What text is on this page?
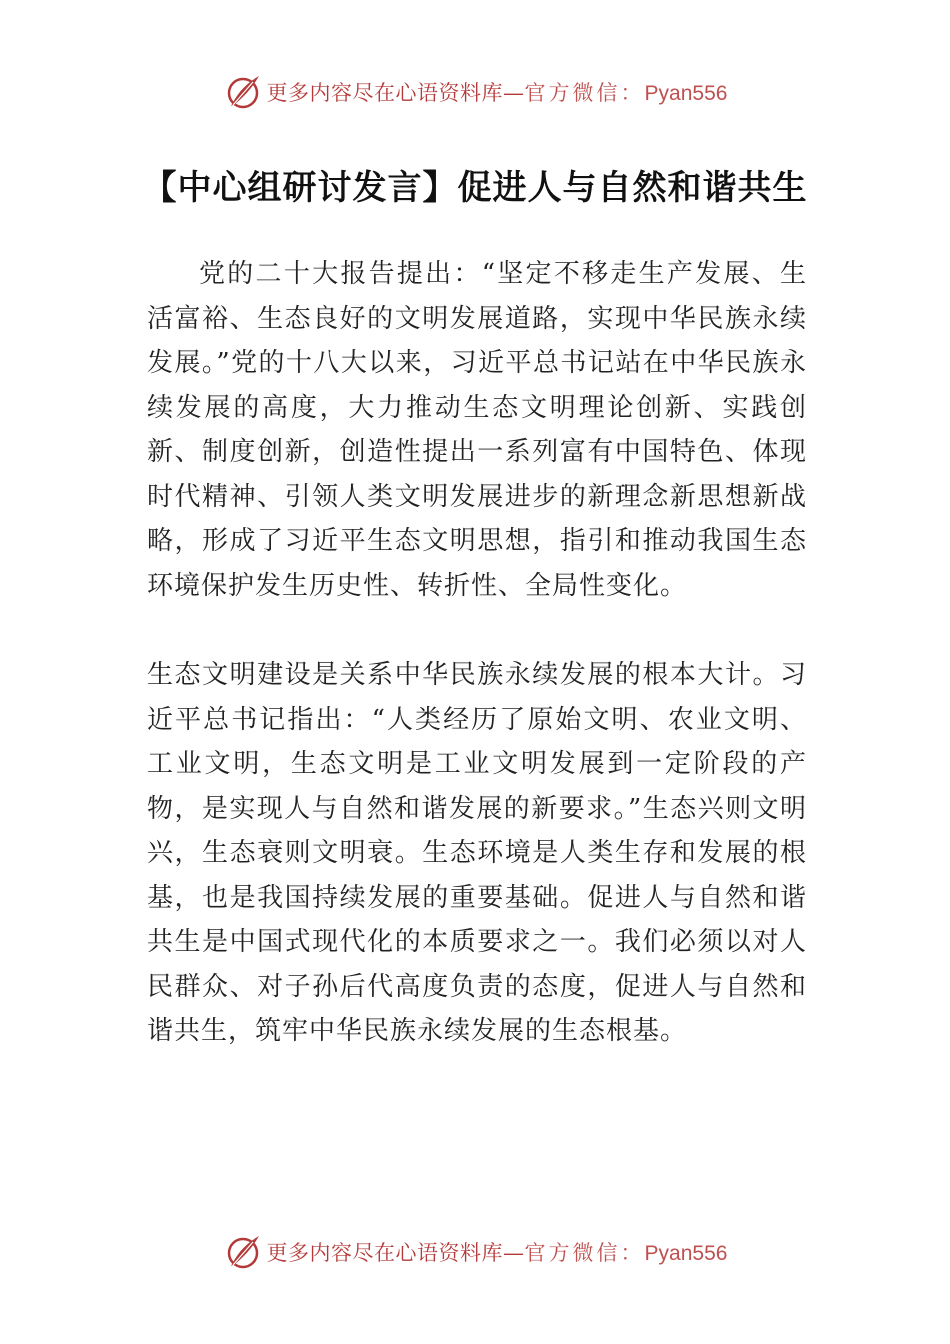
更多内容尽在心语资料库—官方微信：Pyan556
【中心组研讨发言】促进人与自然和谐共生

党的二十大报告提出：“坚定不移走生产发展、生活富裕、生态良好的文明发展道路，实现中华民族永续发展。”党的十八大以来，习近平总书记站在中华民族永续发展的高度，大力推动生态文明理论创新、实践创新、制度创新，创造性提出一系列富有中国特色、体现时代精神、引领人类文明发展进步的新理念新思想新战略，形成了习近平生态文明思想，指引和推动我国生态环境保护发生历史性、转折性、全局性变化。

生态文明建设是关系中华民族永续发展的根本大计。习近平总书记指出：“人类经历了原始文明、农业文明、工业文明，生态文明是工业文明发展到一定阶段的产物，是实现人与自然和谐发展的新要求。”生态兴则文明兴，生态衰则文明衰。生态环境是人类生存和发展的根基，也是我国持续发展的重要基础。促进人与自然和谐共生是中国式现代化的本质要求之一。我们必须以对人民群众、对子孙后代高度负责的态度，促进人与自然和谐共生，筑牢中华民族永续发展的生态根基。

更多内容尽在心语资料库—官方微信：Pyan556
